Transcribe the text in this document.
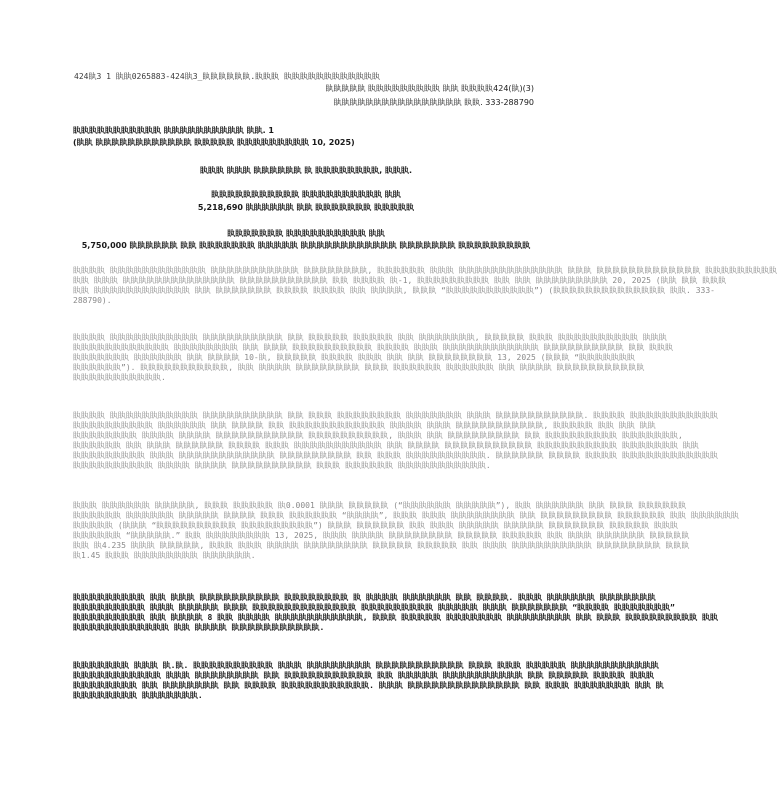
424䀓3 1 䀓䀓0265883-424䀓3_䀓䀓䀓䀓䀓䀓.䀓䀓䀓 䀓䀓䀓䀓䀓䀓䀓䀓䀓䀓䀓䀓
䀓䀓䀓䀓䀓 䀓䀓䀓䀓䀓䀓䀓䀓䀓 䀓䀓 䀓䀓䀓䀓424(䀓)(3)
䀓䀓䀓䀓䀓䀓䀓䀓䀓䀓䀓䀓䀓䀓䀓䀓 䀓䀓. 333-288790
䀓䀓䀓䀓䀓䀓䀓䀓䀓䀓䀓 䀓䀓䀓䀓䀓䀓䀓䀓䀓䀓 䀓䀓. 1
(䀓䀓 䀓䀓䀓䀓䀓䀓䀓䀓䀓䀓䀓䀓 䀓䀓䀓䀓䀓 䀓䀓䀓䀓䀓䀓䀓䀓䀓 10, 2025)
䀓䀓䀓 䀓䀓䀓 䀓䀓䀓䀓䀓䀓 䀓 䀓䀓䀓䀓䀓䀓䀓䀓, 䀓䀓䀓.
䀓䀓䀓䀓䀓䀓䀓䀓䀓䀓䀓 䀓䀓䀓䀓䀓䀓䀓䀓䀓䀓 䀓䀓
5,218,690 䀓䀓䀓䀓䀓䀓 䀓䀓 䀓䀓䀓䀓䀓䀓䀓 䀓䀓䀓䀓䀓
䀓䀓䀓䀓䀓䀓䀓 䀓䀓䀓䀓䀓䀓䀓䀓䀓䀓 䀓䀓
5,750,000 䀓䀓䀓䀓䀓䀓 䀓䀓 䀓䀓䀓䀓䀓䀓䀓 䀓䀓䀓䀓䀓 䀓䀓䀓䀓䀓䀓䀓䀓䀓䀓䀓䀓 䀓䀓䀓䀓䀓䀓䀓 䀓䀓䀓䀓䀓䀓䀓䀓䀓
䀓䀓䀓䀓 䀓䀓䀓䀓䀓䀓䀓䀓䀓䀓䀓䀓 䀓䀓䀓䀓䀓䀓䀓䀓䀓䀓䀓 䀓䀓䀓䀓䀓䀓䀓䀓, 䀓䀓䀓䀓䀓䀓 䀓䀓䀓 䀓䀓䀓䀓䀓䀓䀓䀓䀓䀓䀓䀓䀓 䀓䀓䀓 䀓䀓䀓䀓䀓䀓䀓䀓䀓䀓䀓䀓䀓 䀓䀓䀓䀓䀓䀓䀓䀓䀓
䀓䀓 䀓䀓䀓 䀓䀓䀓䀓䀓䀓䀓䀓䀓䀓䀓䀓䀓䀓 䀓䀓䀓䀓䀓䀓䀓䀓䀓䀓䀓 䀓䀓 䀓䀓䀓䀓 䀓-1, 䀓䀓䀓䀓䀓䀓䀓䀓䀓 䀓䀓 䀓䀓 䀓䀓䀓䀓䀓䀓䀓䀓䀓 20, 2025 (䀓䀓 䀓䀓 䀓䀓䀓
䀓䀓 䀓䀓䀓䀓䀓䀓䀓䀓䀓䀓䀓䀓 䀓䀓 䀓䀓䀓䀓䀓䀓䀓 䀓䀓䀓䀓 䀓䀓䀓䀓 䀓䀓 䀓䀓䀓䀓, 䀓䀓䀓 “䀓䀓䀓䀓䀓䀓䀓䀓䀓䀓䀓”) (䀓䀓䀓䀓䀓䀓䀓䀓䀓䀓䀓䀓䀓䀓 䀓䀓. 333-
288790).
䀓䀓䀓䀓 䀓䀓䀓䀓䀓䀓䀓䀓䀓䀓䀓 䀓䀓䀓䀓䀓䀓䀓䀓䀓䀓 䀓䀓 䀓䀓䀓䀓䀓 䀓䀓䀓䀓䀓 䀓䀓 䀓䀓䀓䀓䀓䀓䀓, 䀓䀓䀓䀓䀓 䀓䀓䀓 䀓䀓䀓䀓䀓䀓䀓䀓䀓䀓 䀓䀓䀓
䀓䀓䀓䀓䀓䀓䀓䀓䀓䀓䀓䀓 䀓䀓䀓䀓䀓䀓䀓䀓 䀓䀓 䀓䀓䀓 䀓䀓䀓䀓䀓䀓䀓䀓䀓䀓 䀓䀓䀓䀓 䀓䀓䀓 䀓䀓䀓䀓䀓䀓䀓䀓䀓䀓䀓䀓 䀓䀓䀓䀓䀓䀓䀓䀓䀓䀓 䀓䀓 䀓䀓䀓
䀓䀓䀓䀓䀓䀓䀓 䀓䀓䀓䀓䀓䀓 䀓䀓 䀓䀓䀓䀓 10-䀓, 䀓䀓䀓䀓䀓 䀓䀓䀓䀓 䀓䀓䀓 䀓䀓 䀓䀓 䀓䀓䀓䀓䀓䀓䀓䀓 13, 2025 (䀓䀓䀓 “䀓䀓䀓䀓䀓䀓䀓
䀓䀓䀓䀓䀓䀓”). 䀓䀓䀓䀓䀓䀓䀓䀓䀓䀓䀓, 䀓䀓 䀓䀓䀓䀓 䀓䀓䀓䀓䀓䀓䀓䀓 䀓䀓䀓 䀓䀓䀓䀓䀓䀓 䀓䀓䀓䀓䀓䀓 䀓䀓 䀓䀓䀓䀓 䀓䀓䀓䀓䀓䀓䀓䀓䀓䀓䀓
䀓䀓䀓䀓䀓䀓䀓䀓䀓䀓䀓.
䀓䀓䀓䀓 䀓䀓䀓䀓䀓䀓䀓䀓䀓䀓䀓 䀓䀓䀓䀓䀓䀓䀓䀓䀓䀓 䀓䀓 䀓䀓䀓 䀓䀓䀓䀓䀓䀓䀓䀓 䀓䀓䀓䀓䀓䀓䀓 䀓䀓䀓 䀓䀓䀓䀓䀓䀓䀓䀓䀓䀓䀓. 䀓䀓䀓䀓 䀓䀓䀓䀓䀓䀓䀓䀓䀓䀓䀓
䀓䀓䀓䀓䀓䀓䀓䀓䀓䀓 䀓䀓䀓䀓䀓䀓 䀓䀓 䀓䀓䀓䀓 䀓䀓 䀓䀓䀓䀓䀓䀓䀓䀓䀓䀓䀓䀓 䀓䀓䀓䀓 䀓䀓䀓 䀓䀓䀓䀓䀓䀓䀓䀓䀓䀓䀓, 䀓䀓䀓䀓䀓 䀓䀓 䀓䀓 䀓䀓
䀓䀓䀓䀓䀓䀓䀓䀓 䀓䀓䀓䀓 䀓䀓䀓䀓 䀓䀓䀓䀓䀓䀓䀓䀓䀓䀓䀓 䀓䀓䀓䀓䀓䀓䀓䀓䀓䀓, 䀓䀓䀓 䀓䀓 䀓䀓䀓䀓䀓䀓䀓䀓䀓 䀓䀓 䀓䀓䀓䀓䀓䀓䀓䀓䀓 䀓䀓䀓䀓䀓䀓䀓,
䀓䀓䀓䀓䀓䀓 䀓䀓 䀓䀓䀓 䀓䀓䀓䀓䀓䀓 䀓䀓䀓䀓 䀓䀓䀓 䀓䀓䀓䀓䀓䀓䀓䀓䀓䀓䀓 䀓䀓 䀓䀓䀓䀓 䀓䀓䀓䀓䀓䀓䀓䀓䀓䀓䀓 䀓䀓䀓䀓䀓䀓䀓䀓䀓䀓 䀓䀓䀓䀓䀓䀓䀓 䀓䀓
䀓䀓䀓䀓䀓䀓䀓䀓䀓 䀓䀓䀓 䀓䀓䀓䀓䀓䀓䀓䀓䀓䀓䀓䀓 䀓䀓䀓䀓䀓䀓䀓䀓䀓 䀓䀓 䀓䀓䀓 䀓䀓䀓䀓䀓䀓䀓䀓䀓䀓. 䀓䀓䀓䀓䀓䀓 䀓䀓䀓䀓 䀓䀓䀓䀓 䀓䀓䀓䀓䀓䀓䀓䀓䀓䀓䀓䀓
䀓䀓䀓䀓䀓䀓䀓䀓䀓䀓 䀓䀓䀓䀓 䀓䀓䀓䀓 䀓䀓䀓䀓䀓䀓䀓䀓䀓䀓 䀓䀓䀓 䀓䀓䀓䀓䀓䀓 䀓䀓䀓䀓䀓䀓䀓䀓䀓䀓䀓.
䀓䀓䀓 䀓䀓䀓䀓䀓䀓 䀓䀓䀓䀓䀓, 䀓䀓䀓 䀓䀓䀓䀓䀓 䀓0.0001 䀓䀓䀓 䀓䀓䀓䀓䀓 (“䀓䀓䀓䀓䀓䀓 䀓䀓䀓䀓䀓”), 䀓䀓 䀓䀓䀓䀓䀓䀓 䀓䀓 䀓䀓䀓 䀓䀓䀓䀓䀓䀓
䀓䀓䀓䀓䀓䀓 䀓䀓䀓䀓䀓䀓 䀓䀓䀓䀓䀓 䀓䀓䀓䀓 䀓䀓䀓 䀓䀓䀓䀓䀓䀓 “䀓䀓䀓䀓”, 䀓䀓䀓 䀓䀓䀓 䀓䀓䀓䀓䀓䀓䀓䀓 䀓䀓 䀓䀓䀓䀓䀓䀓䀓䀓䀓 䀓䀓䀓䀓䀓䀓 䀓䀓 䀓䀓䀓䀓䀓䀓
䀓䀓䀓䀓䀓 (䀓䀓䀓 “䀓䀓䀓䀓䀓䀓䀓䀓䀓䀓 䀓䀓䀓䀓䀓䀓䀓䀓䀓”) 䀓䀓䀓 䀓䀓䀓䀓䀓䀓 䀓䀓 䀓䀓䀓 䀓䀓䀓䀓䀓 䀓䀓䀓䀓䀓 䀓䀓䀓䀓䀓䀓䀓 䀓䀓䀓䀓䀓 䀓䀓䀓
䀓䀓䀓䀓䀓䀓 “䀓䀓䀓䀓䀓.” 䀓䀓 䀓䀓䀓䀓䀓䀓䀓䀓 13, 2025, 䀓䀓䀓 䀓䀓䀓䀓 䀓䀓䀓䀓䀓䀓䀓䀓 䀓䀓䀓䀓䀓 䀓䀓䀓䀓䀓 䀓䀓 䀓䀓䀓 䀓䀓䀓䀓䀓䀓 䀓䀓䀓䀓䀓
䀓䀓 䀓4.235 䀓䀓䀓 䀓䀓䀓䀓䀓, 䀓䀓䀓 䀓䀓䀓 䀓䀓䀓䀓 䀓䀓䀓䀓䀓䀓䀓䀓 䀓䀓䀓䀓䀓 䀓䀓䀓䀓䀓 䀓䀓 䀓䀓䀓 䀓䀓䀓䀓䀓䀓䀓䀓䀓䀓 䀓䀓䀓䀓䀓䀓䀓䀓 䀓䀓䀓
䀓1.45 䀓䀓䀓 䀓䀓䀓䀓䀓䀓䀓䀓 䀓䀓䀓䀓䀓䀓.
䀓䀓䀓䀓䀓䀓䀓䀓䀓 䀓䀓 䀓䀓䀓 䀓䀓䀓䀓䀓䀓䀓䀓䀓䀓 䀓䀓䀓䀓䀓䀓䀓䀓 䀓 䀓䀓䀓䀓 䀓䀓䀓䀓䀓䀓 䀓䀓 䀓䀓䀓䀓. 䀓䀓䀓 䀓䀓䀓䀓䀓䀓 䀓䀓䀓䀓䀓䀓䀓
䀓䀓䀓䀓䀓䀓䀓䀓䀓 䀓䀓䀓 䀓䀓䀓䀓䀓 䀓䀓䀓 䀓䀓䀓䀓䀓䀓䀓䀓䀓䀓䀓䀓䀓 䀓䀓䀓䀓䀓䀓䀓䀓䀓 䀓䀓䀓䀓䀓 䀓䀓䀓 䀓䀓䀓䀓䀓䀓䀓 “䀓䀓䀓䀓 䀓䀓䀓䀓䀓䀓䀓”
䀓䀓䀓䀓䀓䀓䀓䀓䀓 䀓䀓 䀓䀓䀓䀓 8 䀓䀓 䀓䀓䀓䀓 䀓䀓䀓䀓䀓䀓䀓䀓䀓䀓䀓, 䀓䀓䀓 䀓䀓䀓䀓䀓 䀓䀓䀓䀓䀓䀓䀓 䀓䀓䀓䀓䀓䀓䀓䀓 䀓䀓 䀓䀓䀓 䀓䀓䀓䀓䀓䀓䀓䀓䀓 䀓䀓
䀓䀓䀓䀓䀓䀓䀓䀓䀓䀓䀓䀓 䀓䀓 䀓䀓䀓䀓 䀓䀓䀓䀓䀓䀓䀓䀓䀓䀓䀓.
䀓䀓䀓䀓䀓䀓䀓 䀓䀓䀓 䀓.䀓. 䀓䀓䀓䀓䀓䀓䀓䀓䀓䀓 䀓䀓䀓 䀓䀓䀓䀓䀓䀓䀓䀓 䀓䀓䀓䀓䀓䀓䀓䀓䀓䀓䀓 䀓䀓䀓 䀓䀓䀓 䀓䀓䀓䀓䀓 䀓䀓䀓䀓䀓䀓䀓䀓䀓䀓䀓
䀓䀓䀓䀓䀓䀓䀓䀓䀓䀓䀓 䀓䀓䀓 䀓䀓䀓䀓䀓䀓䀓䀓 䀓䀓 䀓䀓䀓䀓䀓䀓䀓䀓䀓䀓䀓 䀓䀓 䀓䀓䀓䀓䀓 䀓䀓䀓䀓䀓䀓䀓䀓䀓䀓 䀓䀓 䀓䀓䀓䀓䀓 䀓䀓䀓䀓 䀓䀓䀓
䀓䀓䀓䀓䀓䀓䀓䀓 䀓䀓 䀓䀓䀓䀓䀓䀓䀓 䀓䀓 䀓䀓䀓䀓 䀓䀓䀓䀓䀓䀓䀓䀓䀓䀓䀓. 䀓䀓䀓 䀓䀓䀓䀓䀓䀓䀓䀓䀓䀓䀓䀓䀓䀓 䀓䀓 䀓䀓䀓 䀓䀓䀓䀓䀓䀓䀓 䀓䀓 䀓
䀓䀓䀓䀓䀓䀓䀓䀓 䀓䀓䀓䀓䀓䀓䀓.
